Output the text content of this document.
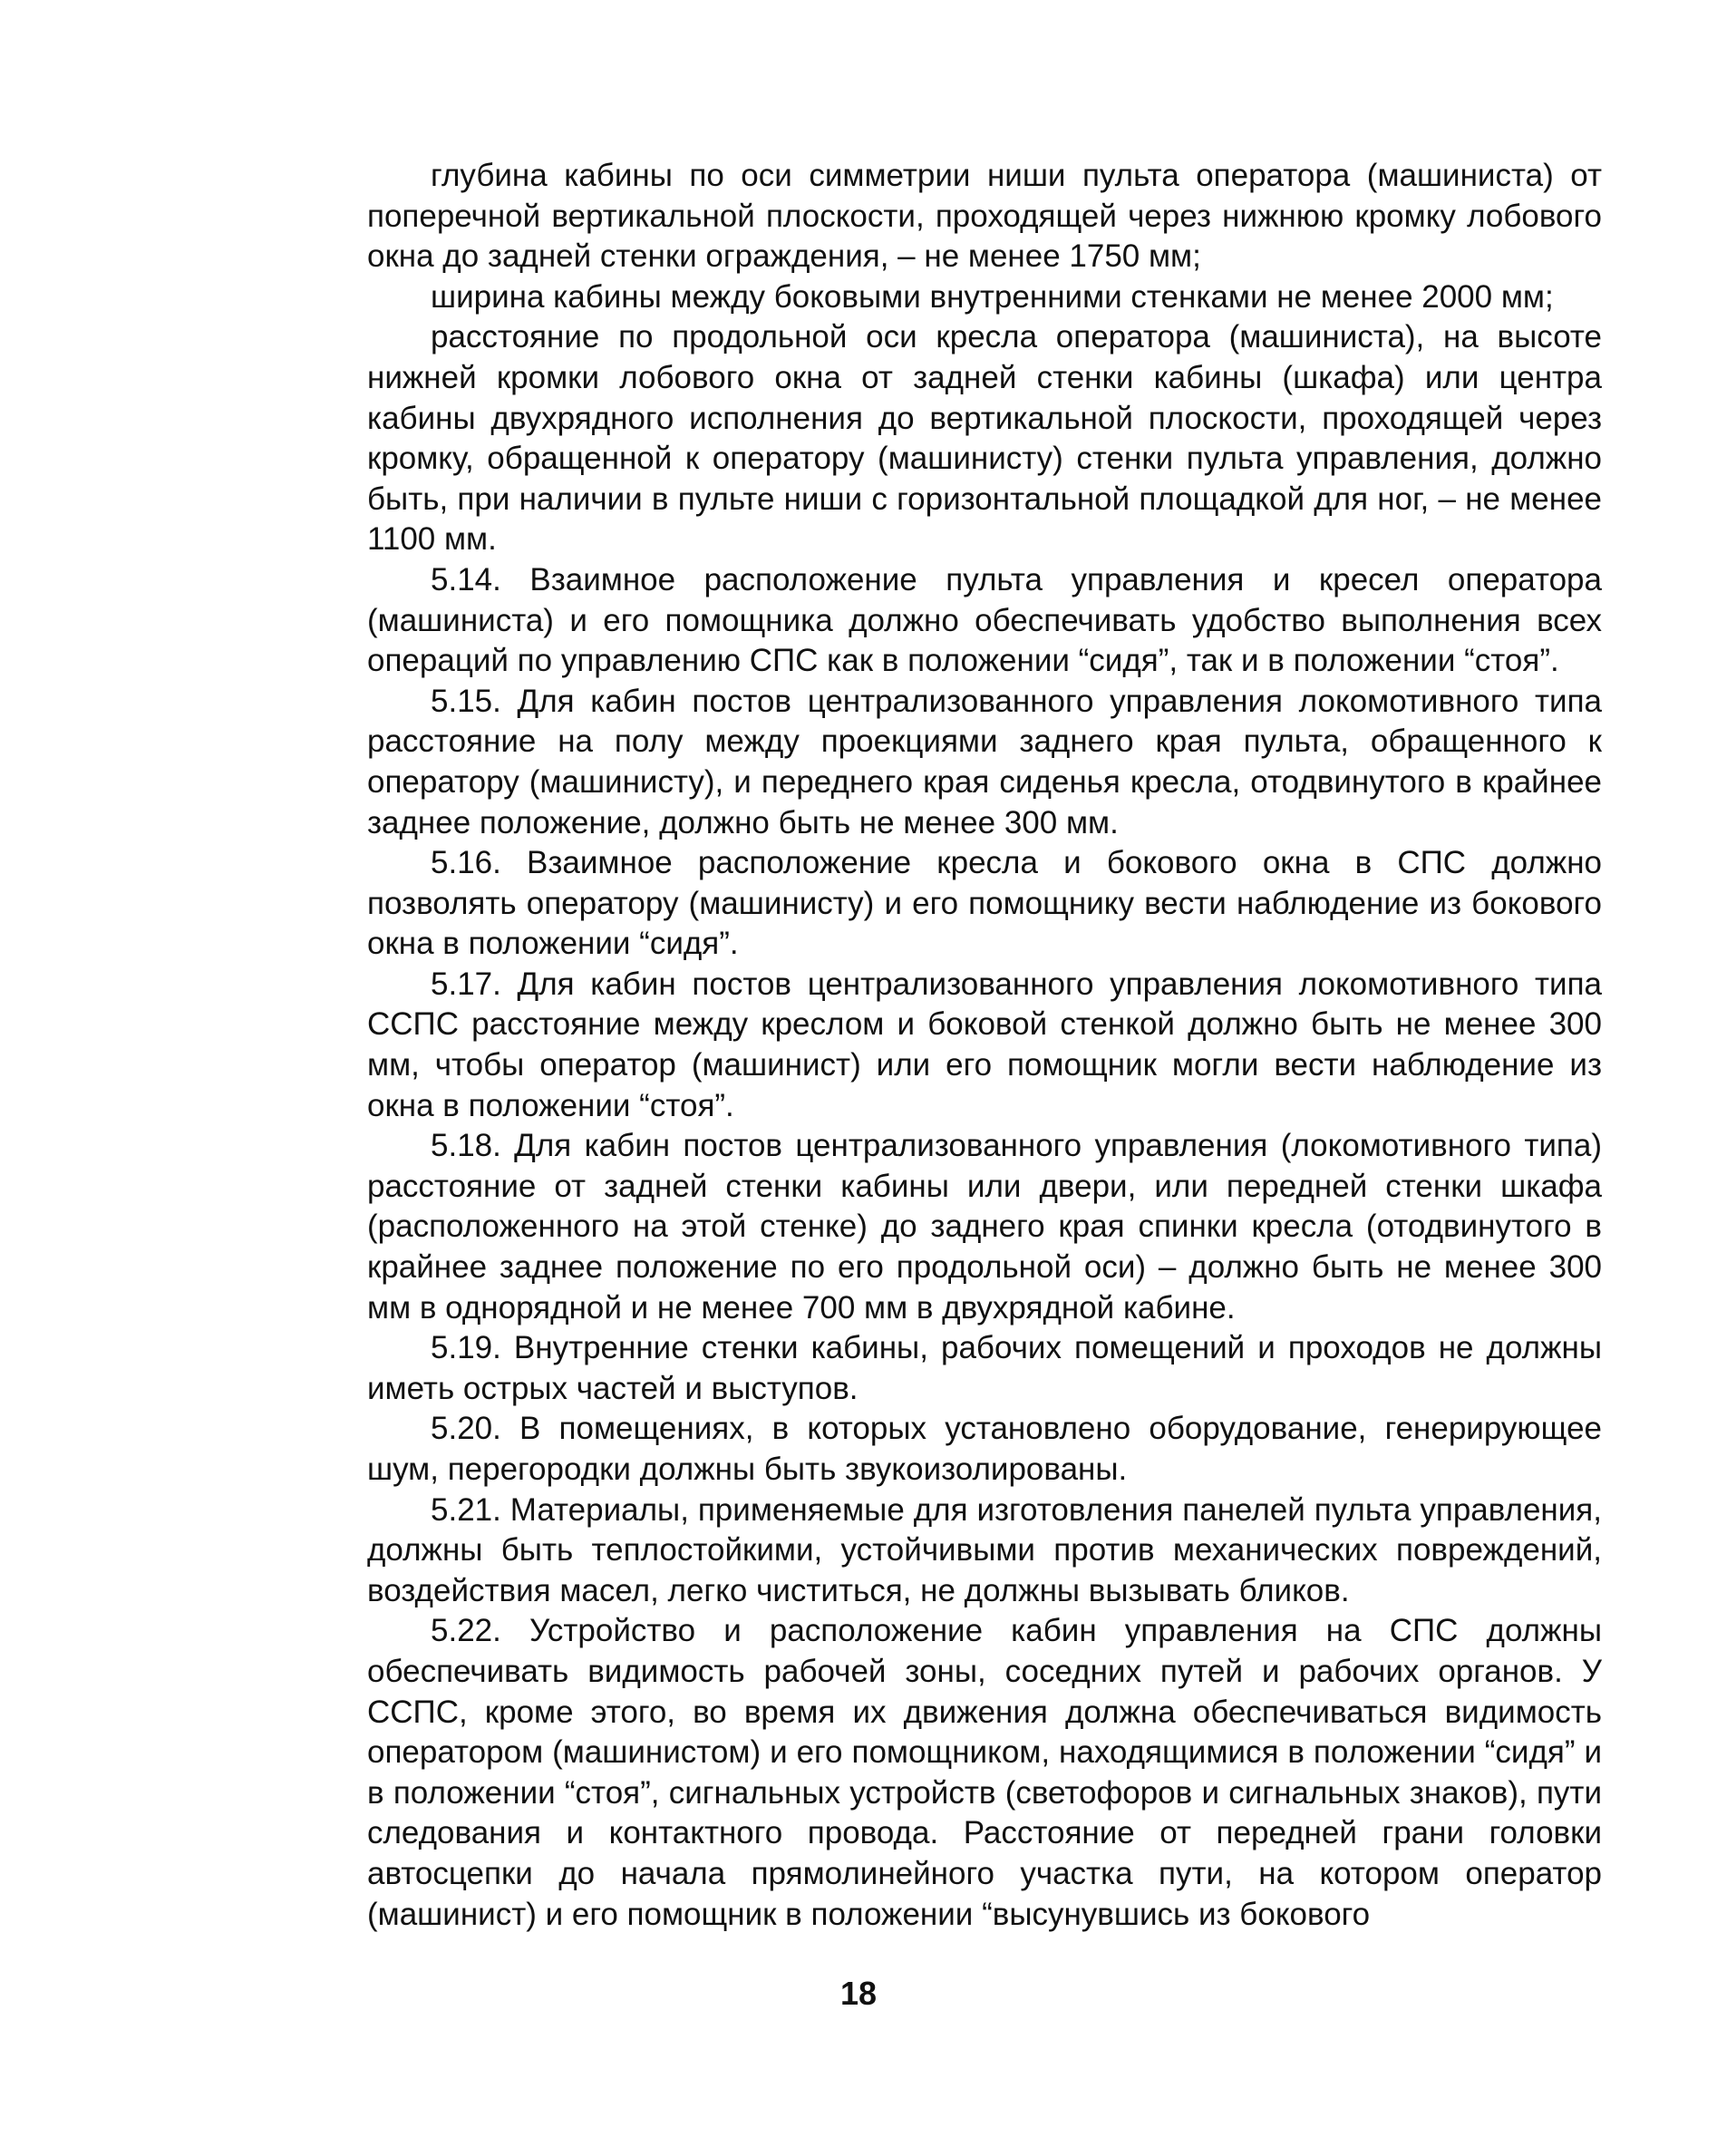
глубина кабины по оси симметрии ниши пульта оператора (машиниста) от поперечной вертикальной плоскости, проходящей через нижнюю кромку лобового окна до задней стенки ограждения, – не менее 1750 мм;

ширина кабины между боковыми внутренними стенками не менее 2000 мм;

расстояние по продольной оси кресла оператора (машиниста), на высоте нижней кромки лобового окна от задней стенки кабины (шкафа) или центра кабины двухрядного исполнения до вертикальной плоскости, проходящей через кромку, обращенной к оператору (машинисту) стенки пульта управления, должно быть, при наличии в пульте ниши с горизонтальной площадкой для ног, – не менее 1100 мм.

5.14. Взаимное расположение пульта управления и кресел оператора (машиниста) и его помощника должно обеспечивать удобство выполнения всех операций по управлению СПС как в положении “сидя”, так и в положении “стоя”.

5.15. Для кабин постов централизованного управления локомотивного типа расстояние на полу между проекциями заднего края пульта, обращенного к оператору (машинисту), и переднего края сиденья кресла, отодвинутого в крайнее заднее положение, должно быть не менее 300 мм.

5.16. Взаимное расположение кресла и бокового окна в СПС должно позволять оператору (машинисту) и его помощнику вести наблюдение из бокового окна в положении “сидя”.

5.17. Для кабин постов централизованного управления локомотивного типа ССПС расстояние между креслом и боковой стенкой должно быть не менее 300 мм, чтобы оператор (машинист) или его помощник могли вести наблюдение из окна в положении “стоя”.

5.18. Для кабин постов централизованного управления (локомотивного типа) расстояние от задней стенки кабины или двери, или передней стенки шкафа (расположенного на этой стенке) до заднего края спинки кресла (отодвинутого в крайнее заднее положение по его продольной оси) – должно быть не менее 300 мм в однорядной и не менее 700 мм в двухрядной кабине.

5.19. Внутренние стенки кабины, рабочих помещений и проходов не должны иметь острых частей и выступов.

5.20. В помещениях, в которых установлено оборудование, генерирующее шум, перегородки должны быть звукоизолированы.

5.21. Материалы, применяемые для изготовления панелей пульта управления, должны быть теплостойкими, устойчивыми против механических повреждений, воздействия масел, легко чиститься, не должны вызывать бликов.

5.22. Устройство и расположение кабин управления на СПС должны обеспечивать видимость рабочей зоны, соседних путей и рабочих органов. У ССПС, кроме этого, во время их движения должна обеспечиваться видимость оператором (машинистом) и его помощником, находящимися в положении “сидя” и в положении “стоя”, сигнальных устройств (светофоров и сигнальных знаков), пути следования и контактного провода. Расстояние от передней грани головки автосцепки до начала прямолинейного участка пути, на котором оператор (машинист) и его помощник в положении “высунувшись из бокового

18
